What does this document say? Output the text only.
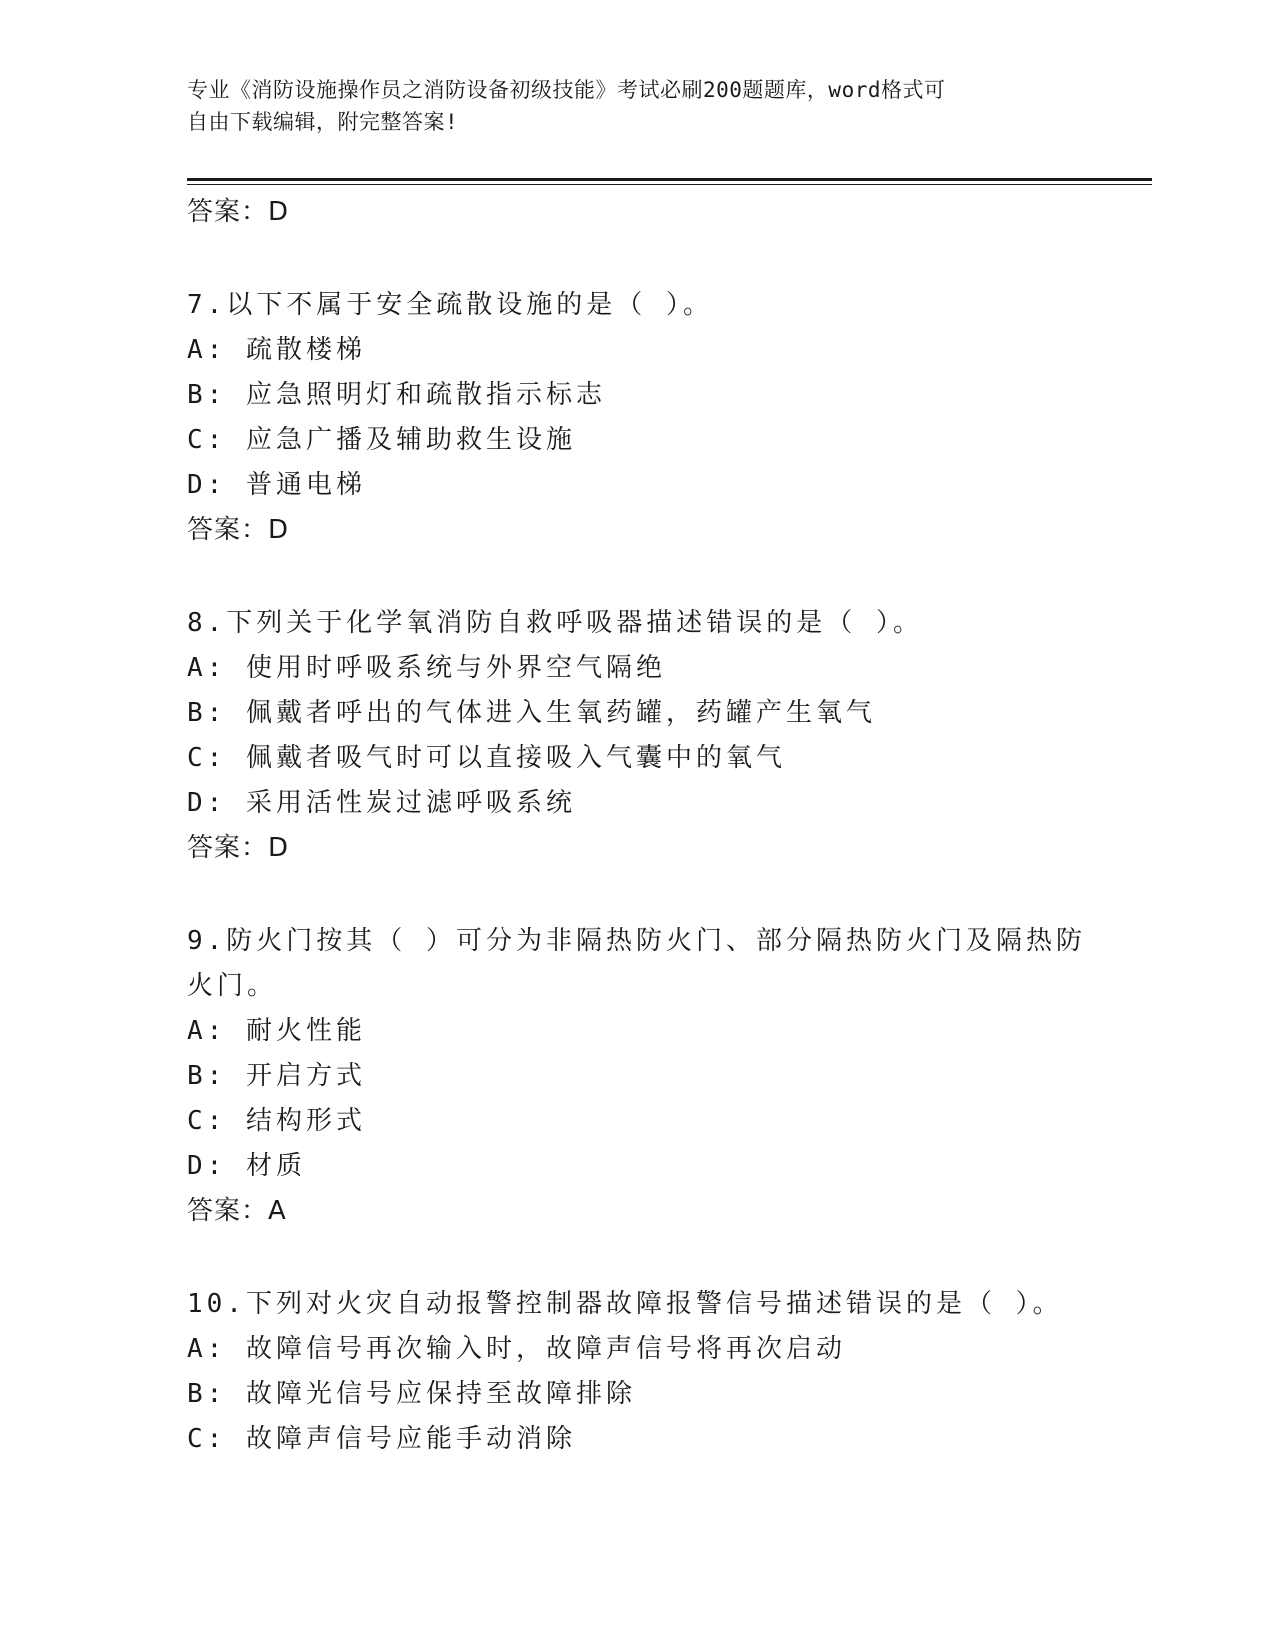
专业《消防设施操作员之消防设备初级技能》考试必刷200题题库，word格式可
自由下载编辑，附完整答案!
答案：D
7.以下不属于安全疏散设施的是（ ）。
A: 疏散楼梯
B: 应急照明灯和疏散指示标志
C: 应急广播及辅助救生设施
D: 普通电梯
答案：D
8.下列关于化学氧消防自救呼吸器描述错误的是（ ）。
A: 使用时呼吸系统与外界空气隔绝
B: 佩戴者呼出的气体进入生氧药罐，药罐产生氧气
C: 佩戴者吸气时可以直接吸入气囊中的氧气
D: 采用活性炭过滤呼吸系统
答案：D
9.防火门按其（ ）可分为非隔热防火门、部分隔热防火门及隔热防
火门。
A: 耐火性能
B: 开启方式
C: 结构形式
D: 材质
答案：A
10.下列对火灾自动报警控制器故障报警信号描述错误的是（ ）。
A: 故障信号再次输入时，故障声信号将再次启动
B: 故障光信号应保持至故障排除
C: 故障声信号应能手动消除
